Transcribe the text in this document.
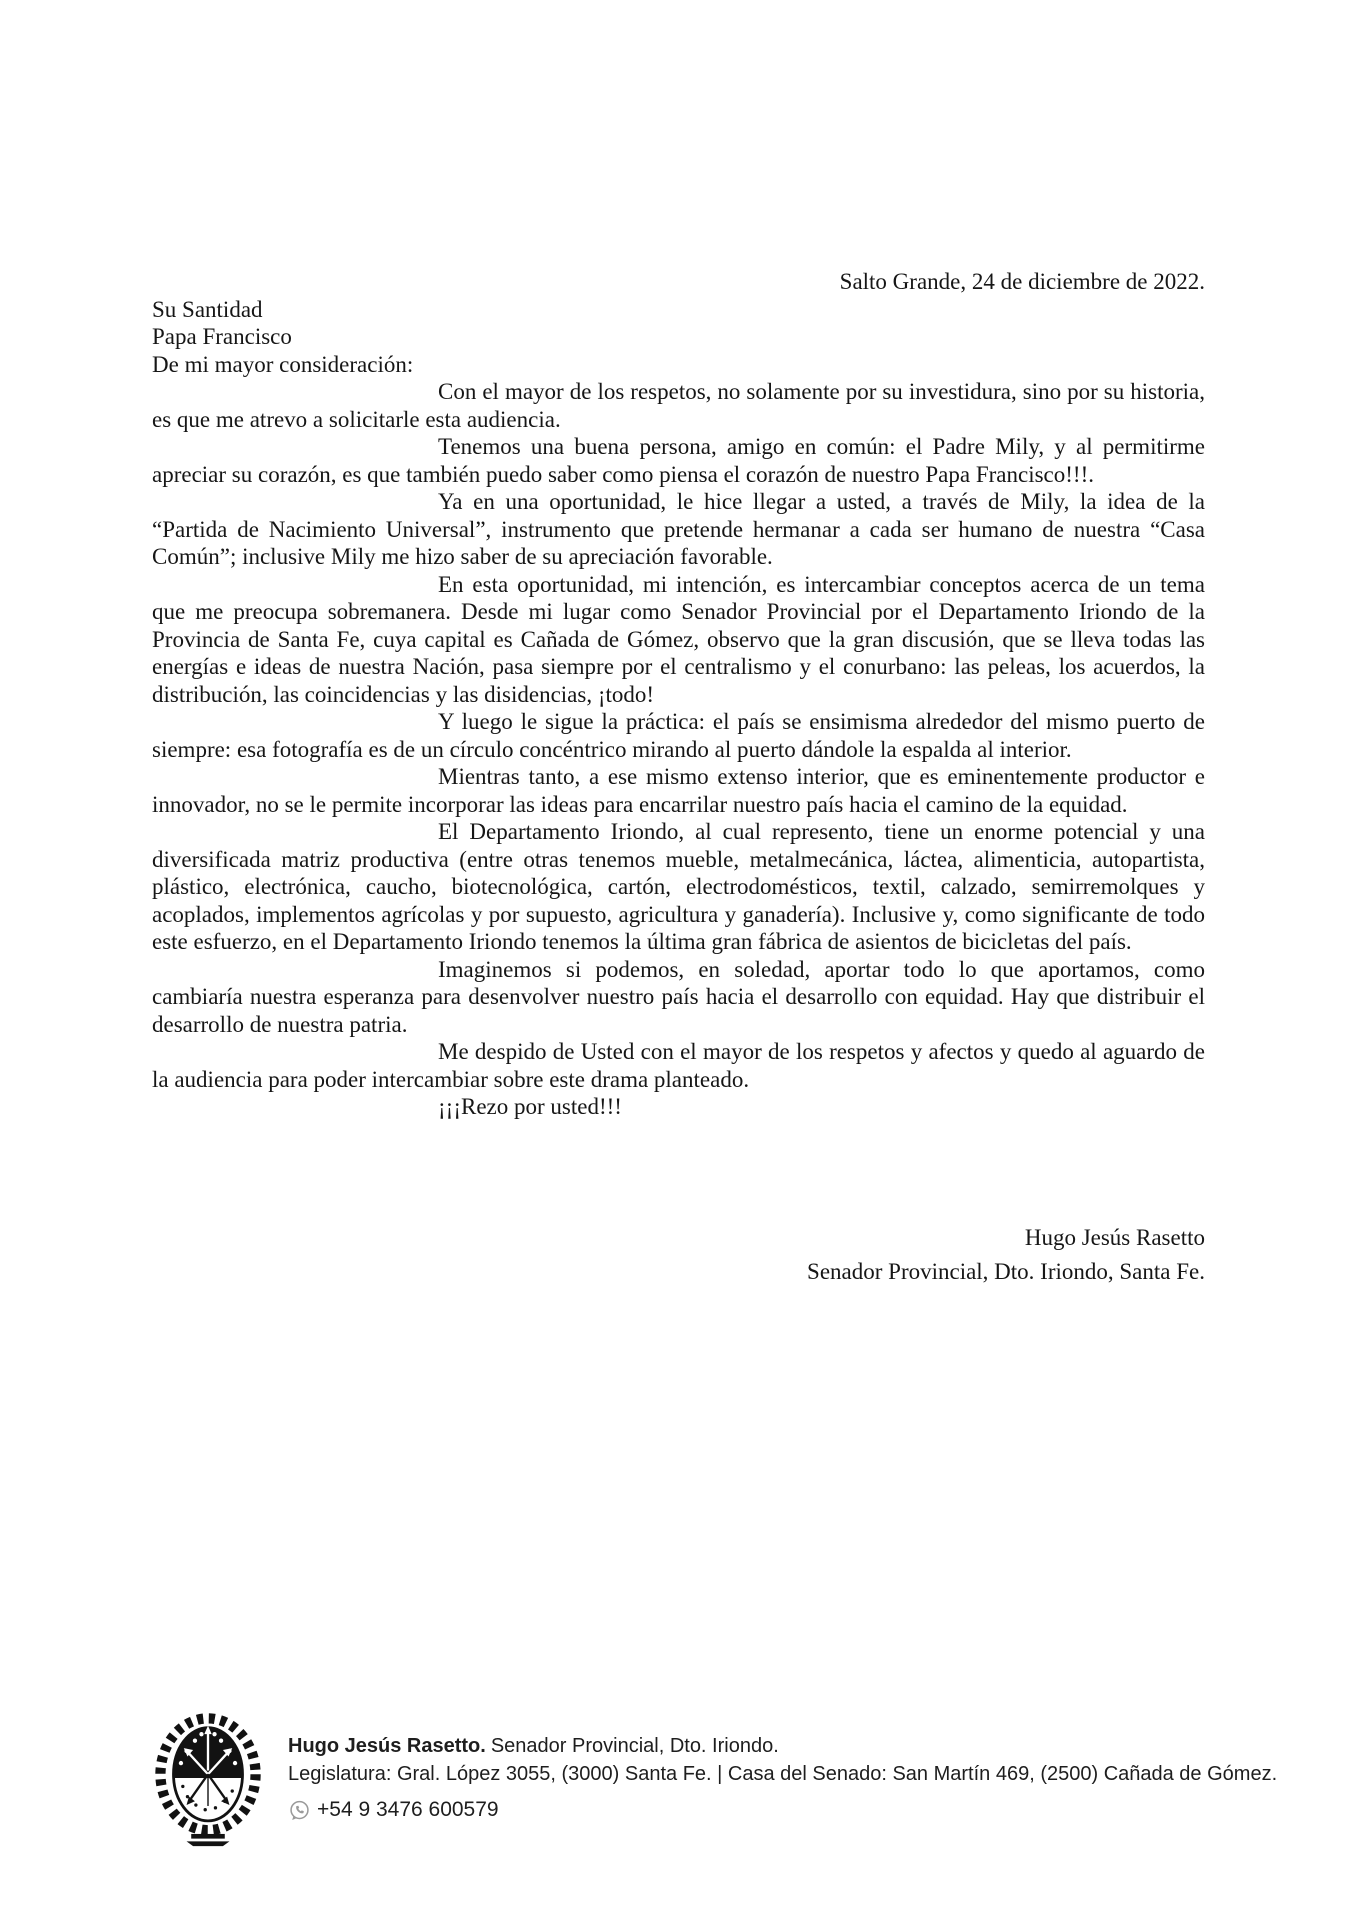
Salto Grande, 24 de diciembre de 2022.

Su Santidad

Papa Francisco

De mi mayor consideración:

Con el mayor de los respetos, no solamente por su investidura, sino por su historia, es que me atrevo a solicitarle esta audiencia.

Tenemos una buena persona, amigo en común: el Padre Mily, y al permitirme apreciar su corazón, es que también puedo saber como piensa el corazón de nuestro Papa Francisco!!!.

Ya en una oportunidad, le hice llegar a usted, a través de Mily, la idea de la “Partida de Nacimiento Universal”, instrumento que pretende hermanar a cada ser humano de nuestra “Casa Común”; inclusive Mily me hizo saber de su apreciación favorable.

En esta oportunidad, mi intención, es intercambiar conceptos acerca de un tema que me preocupa sobremanera. Desde mi lugar como Senador Provincial por el Departamento Iriondo de la Provincia de Santa Fe, cuya capital es Cañada de Gómez, observo que la gran discusión, que se lleva todas las energías e ideas de nuestra Nación, pasa siempre por el centralismo y el conurbano: las peleas, los acuerdos, la distribución, las coincidencias y las disidencias, ¡todo!

Y luego le sigue la práctica: el país se ensimisma alrededor del mismo puerto de siempre: esa fotografía es de un círculo concéntrico mirando al puerto dándole la espalda al interior.

Mientras tanto, a ese mismo extenso interior, que es eminentemente productor e innovador, no se le permite incorporar las ideas para encarrilar nuestro país hacia el camino de la equidad.

El Departamento Iriondo, al cual represento, tiene un enorme potencial y una diversificada matriz productiva (entre otras tenemos mueble, metalmecánica, láctea, alimenticia, autopartista, plástico, electrónica, caucho, biotecnológica, cartón, electrodomésticos, textil, calzado, semirremolques y acoplados, implementos agrícolas y por supuesto, agricultura y ganadería). Inclusive y, como significante de todo este esfuerzo, en el Departamento Iriondo tenemos la última gran fábrica de asientos de bicicletas del país.

Imaginemos si podemos, en soledad, aportar todo lo que aportamos, como cambiaría nuestra esperanza para desenvolver nuestro país hacia el desarrollo con equidad. Hay que distribuir el desarrollo de nuestra patria.

Me despido de Usted con el mayor de los respetos y afectos y quedo al aguardo de la audiencia para poder intercambiar sobre este drama planteado.

¡¡¡Rezo por usted!!!

Hugo Jesús Rasetto

Senador Provincial, Dto. Iriondo, Santa Fe.

Hugo Jesús Rasetto. Senador Provincial, Dto. Iriondo.

Legislatura: Gral. López 3055, (3000) Santa Fe. | Casa del Senado: San Martín 469, (2500) Cañada de Gómez.

+54 9 3476 600579
